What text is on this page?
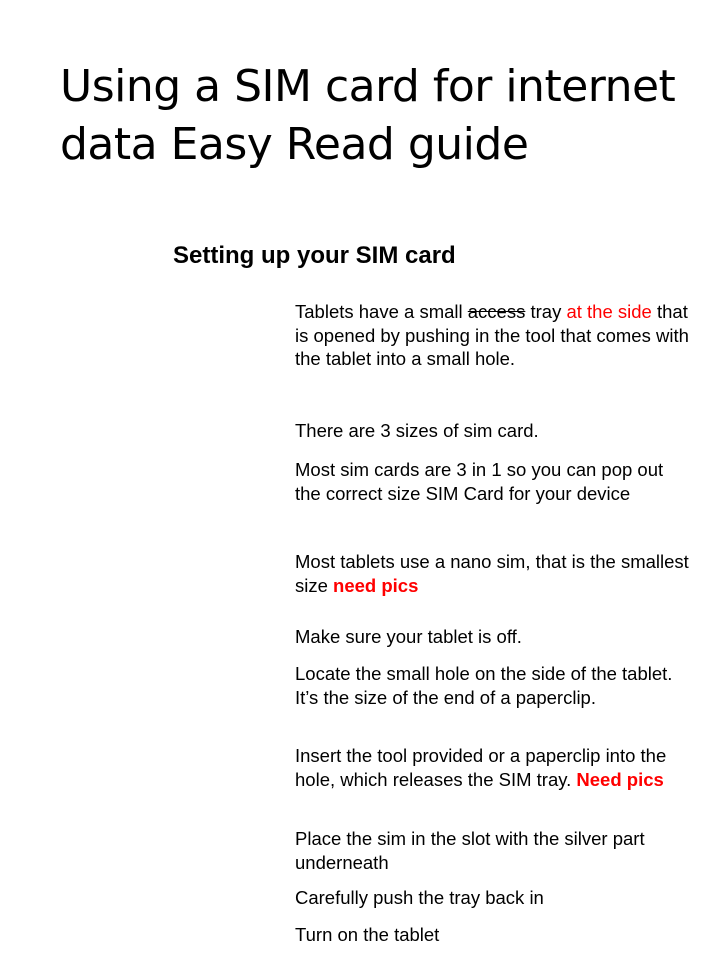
Using a SIM card for internet data Easy Read guide
Setting up your SIM card

Tablets have a small access tray at the side that is opened by pushing in the tool that comes with the tablet into a small hole.

There are 3 sizes of sim card.

Most sim cards are 3 in 1 so you can pop out the correct size SIM Card for your device

Most tablets use a nano sim, that is the smallest size need pics

Make sure your tablet is off.

Locate the small hole on the side of the tablet. It’s the size of the end of a paperclip.

Insert the tool provided or a paperclip into the hole, which releases the SIM tray. Need pics

Place the sim in the slot with the silver part underneath

Carefully push the tray back in

Turn on the tablet
